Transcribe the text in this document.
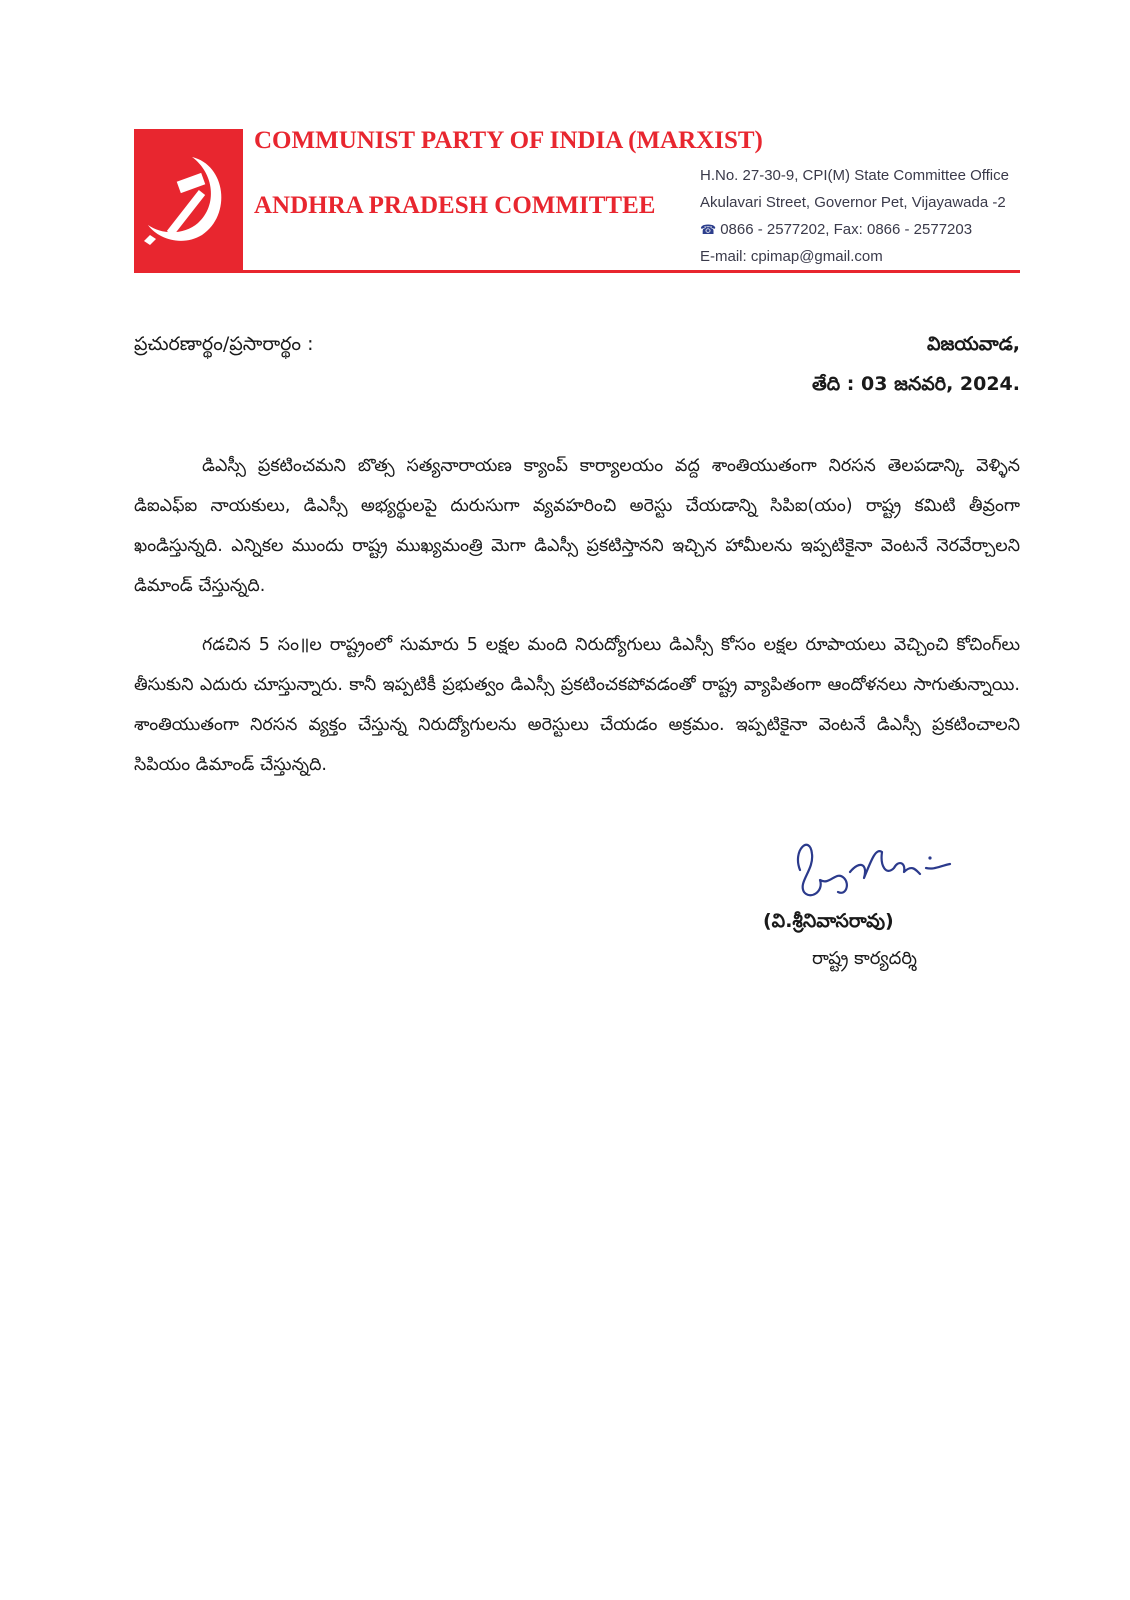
COMMUNIST PARTY OF INDIA (MARXIST)
ANDHRA PRADESH COMMITTEE
H.No. 27-30-9, CPI(M) State Committee Office
Akulavari Street, Governor Pet, Vijayawada -2
☎ 0866 - 2577202, Fax: 0866 - 2577203
E-mail: cpimap@gmail.com
ప్రచురణార్థం/ప్రసారార్థం :	విజయవాడ,
తేది : 03 జనవరి, 2024.

డిఎస్సీ ప్రకటించమని బొత్స సత్యనారాయణ క్యాంప్ కార్యాలయం వద్ద శాంతియుతంగా నిరసన తెలపడాన్కి వెళ్ళిన డిఐఎఫ్ఐ నాయకులు, డిఎస్సీ అభ్యర్థులపై దురుసుగా వ్యవహరించి అరెస్టు చేయడాన్ని సిపిఐ(యం) రాష్ట్ర కమిటి తీవ్రంగా ఖండిస్తున్నది. ఎన్నికల ముందు రాష్ట్ర ముఖ్యమంత్రి మెగా డిఎస్సీ ప్రకటిస్తానని ఇచ్చిన హామీలను ఇప్పటికైనా వెంటనే నెరవేర్చాలని డిమాండ్ చేస్తున్నది.

గడచిన 5 సం॥ల రాష్ట్రంలో సుమారు 5 లక్షల మంది నిరుద్యోగులు డిఎస్సీ కోసం లక్షల రూపాయలు వెచ్చించి కోచింగ్‌లు తీసుకుని ఎదురు చూస్తున్నారు. కానీ ఇప్పటికీ ప్రభుత్వం డిఎస్సీ ప్రకటించకపోవడంతో రాష్ట్ర వ్యాపితంగా ఆందోళనలు సాగుతున్నాయి. శాంతియుతంగా నిరసన వ్యక్తం చేస్తున్న నిరుద్యోగులను అరెస్టులు చేయడం అక్రమం. ఇప్పటికైనా వెంటనే డిఎస్సీ ప్రకటించాలని సిపియం డిమాండ్ చేస్తున్నది.

(వి.శ్రీనివాసరావు)
రాష్ట్ర కార్యదర్శి
